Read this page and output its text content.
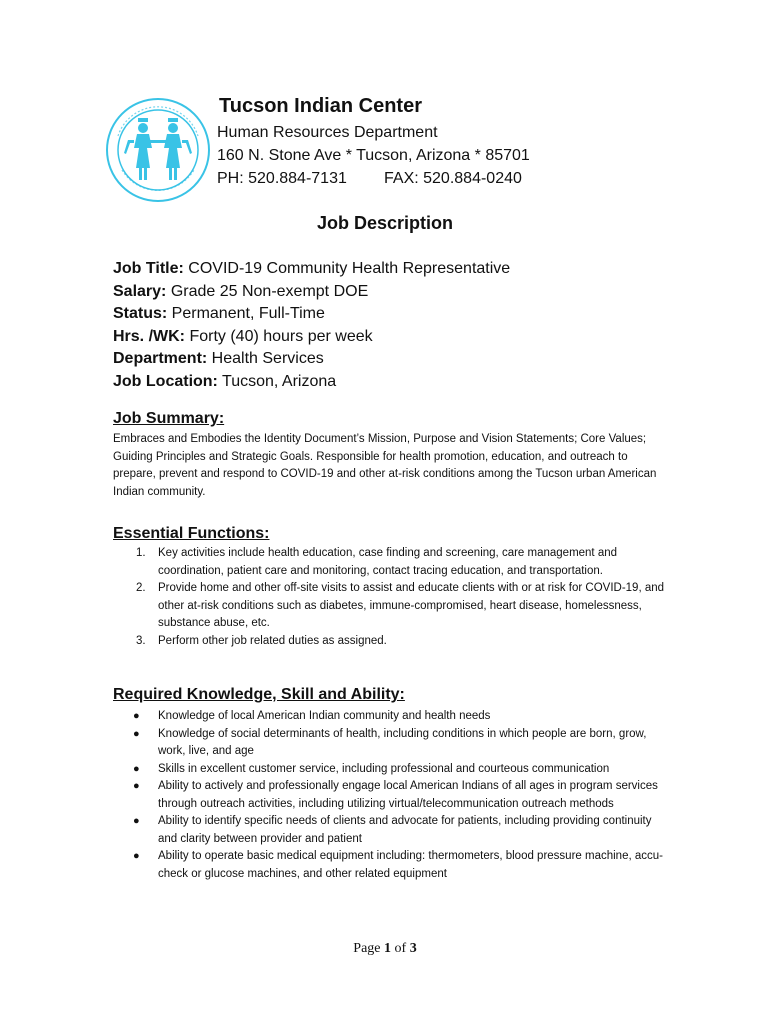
Tucson Indian Center
Human Resources Department
160 N. Stone Ave * Tucson, Arizona * 85701
PH: 520.884-7131 FAX: 520.884-0240
Job Description
Job Title: COVID-19 Community Health Representative
Salary: Grade 25 Non-exempt DOE
Status: Permanent, Full-Time
Hrs. /WK: Forty (40) hours per week
Department: Health Services
Job Location: Tucson, Arizona
Job Summary:
Embraces and Embodies the Identity Document’s Mission, Purpose and Vision Statements; Core Values; Guiding Principles and Strategic Goals. Responsible for health promotion, education, and outreach to prepare, prevent and respond to COVID-19 and other at-risk conditions among the Tucson urban American Indian community.
Essential Functions:
1. Key activities include health education, case finding and screening, care management and coordination, patient care and monitoring, contact tracing education, and transportation.
2. Provide home and other off-site visits to assist and educate clients with or at risk for COVID-19, and other at-risk conditions such as diabetes, immune-compromised, heart disease, homelessness, substance abuse, etc.
3. Perform other job related duties as assigned.
Required Knowledge, Skill and Ability:
● Knowledge of local American Indian community and health needs
● Knowledge of social determinants of health, including conditions in which people are born, grow, work, live, and age
● Skills in excellent customer service, including professional and courteous communication
● Ability to actively and professionally engage local American Indians of all ages in program services through outreach activities, including utilizing virtual/telecommunication outreach methods
● Ability to identify specific needs of clients and advocate for patients, including providing continuity and clarity between provider and patient
● Ability to operate basic medical equipment including: thermometers, blood pressure machine, accu-check or glucose machines, and other related equipment
Page 1 of 3
